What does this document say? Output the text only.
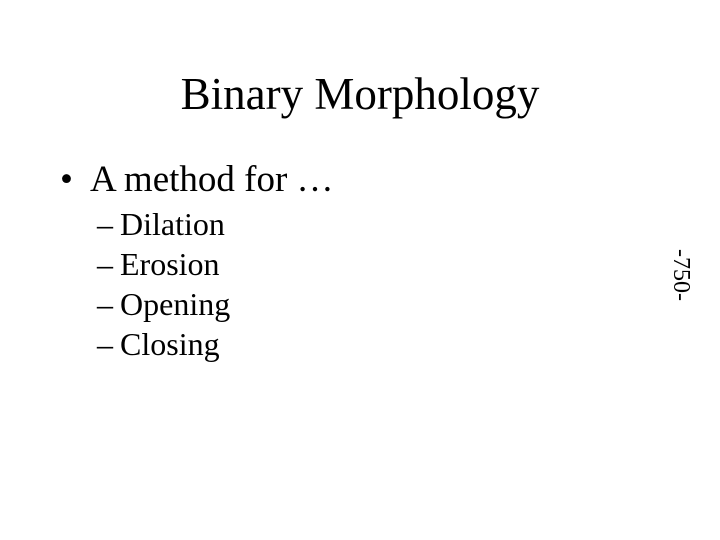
Binary Morphology
• A method for …
– Dilation
– Erosion
– Opening
– Closing
-750-
